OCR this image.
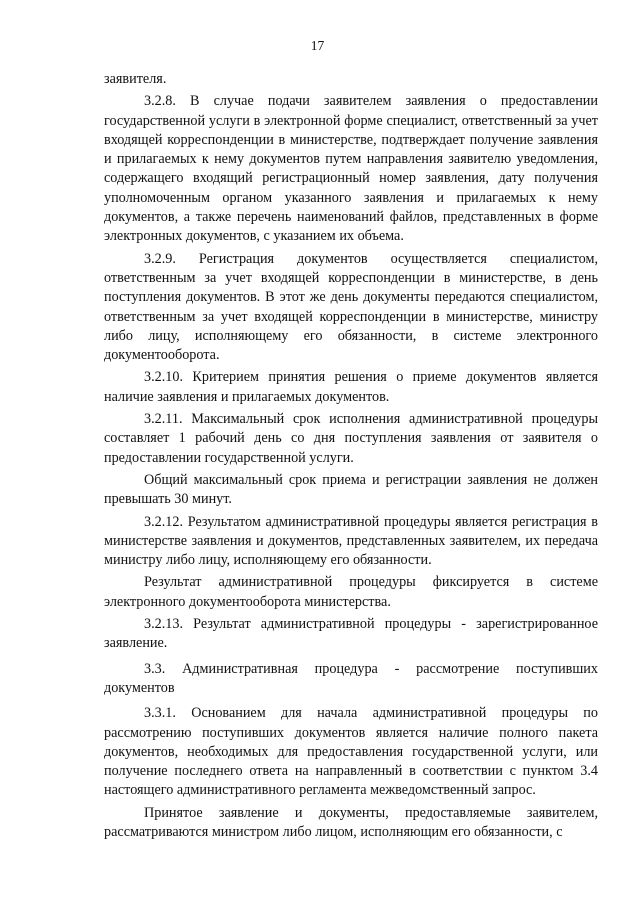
17

заявителя.

3.2.8. В случае подачи заявителем заявления о предоставлении государственной услуги в электронной форме специалист, ответственный за учет входящей корреспонденции в министерстве, подтверждает получение заявления и прилагаемых к нему документов путем направления заявителю уведомления, содержащего входящий регистрационный номер заявления, дату получения уполномоченным органом указанного заявления и прилагаемых к нему документов, а также перечень наименований файлов, представленных в форме электронных документов, с указанием их объема.

3.2.9. Регистрация документов осуществляется специалистом, ответственным за учет входящей корреспонденции в министерстве, в день поступления документов. В этот же день документы передаются специалистом, ответственным за учет входящей корреспонденции в министерстве, министру либо лицу, исполняющему его обязанности, в системе электронного документооборота.

3.2.10. Критерием принятия решения о приеме документов является наличие заявления и прилагаемых документов.

3.2.11. Максимальный срок исполнения административной процедуры составляет 1 рабочий день со дня поступления заявления от заявителя о предоставлении государственной услуги.

Общий максимальный срок приема и регистрации заявления не должен превышать 30 минут.

3.2.12. Результатом административной процедуры является регистрация в министерстве заявления и документов, представленных заявителем, их передача министру либо лицу, исполняющему его обязанности.

Результат административной процедуры фиксируется в системе электронного документооборота министерства.

3.2.13. Результат административной процедуры - зарегистрированное заявление.

3.3. Административная процедура - рассмотрение поступивших документов

3.3.1. Основанием для начала административной процедуры по рассмотрению поступивших документов является наличие полного пакета документов, необходимых для предоставления государственной услуги, или получение последнего ответа на направленный в соответствии с пунктом 3.4 настоящего административного регламента межведомственный запрос.

Принятое заявление и документы, предоставляемые заявителем, рассматриваются министром либо лицом, исполняющим его обязанности, с
